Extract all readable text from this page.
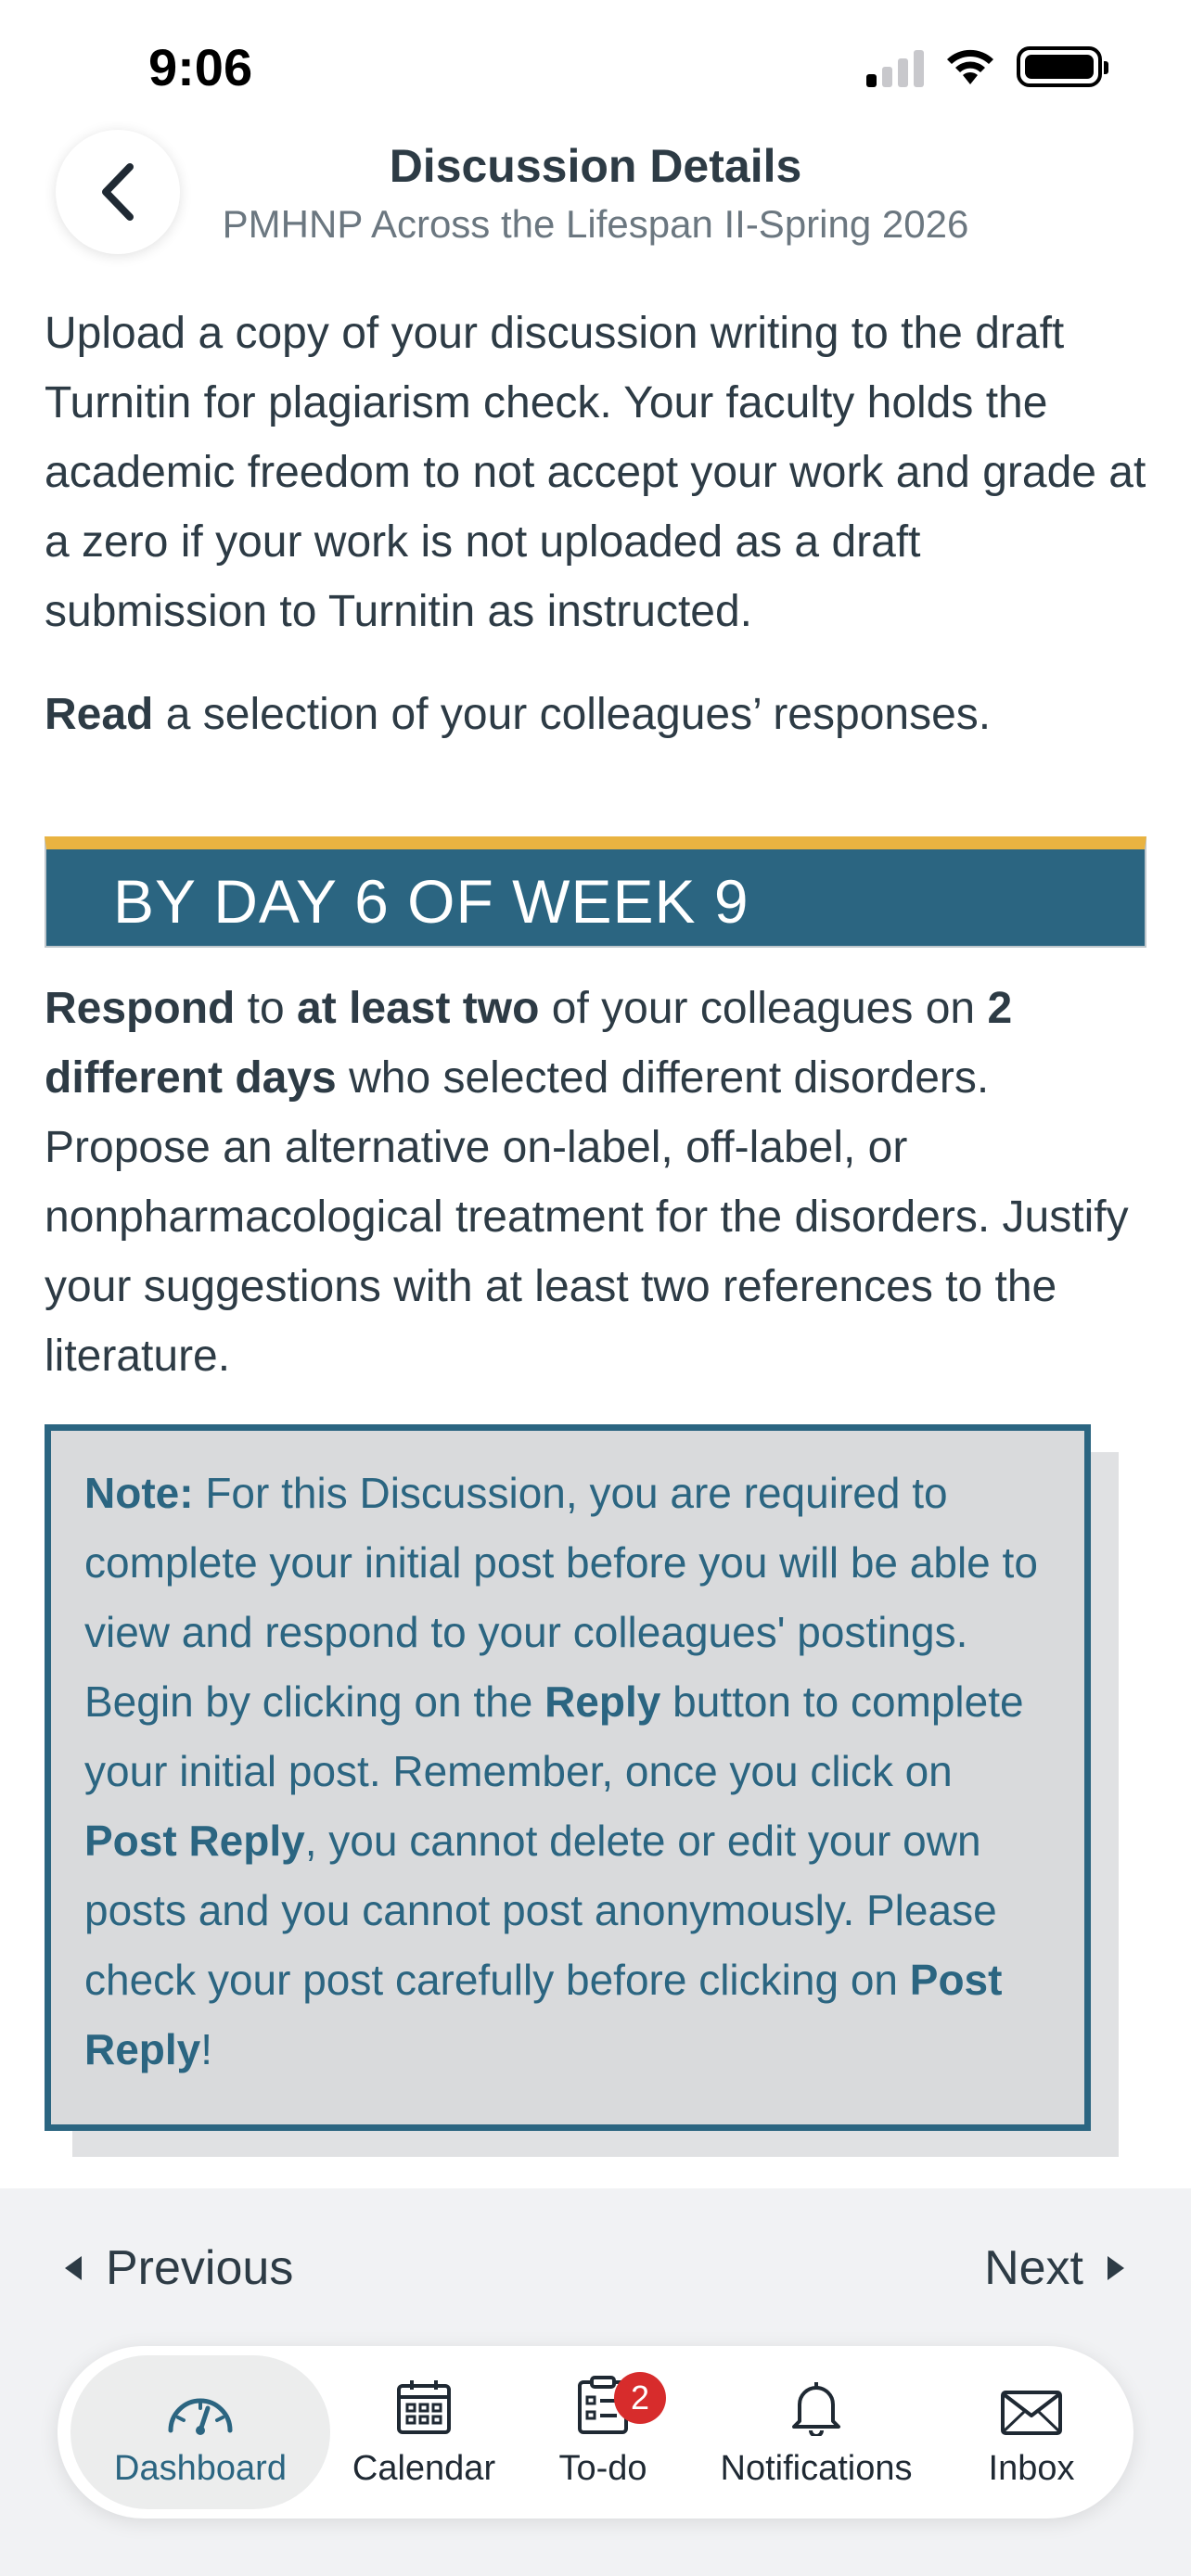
9:06
Discussion Details
PMHNP Across the Lifespan II-Spring 2026

Upload a copy of your discussion writing to the draft Turnitin for plagiarism check. Your faculty holds the academic freedom to not accept your work and grade at a zero if your work is not uploaded as a draft submission to Turnitin as instructed.

Read a selection of your colleagues’ responses.

BY DAY 6 OF WEEK 9

Respond to at least two of your colleagues on 2 different days who selected different disorders. Propose an alternative on-label, off-label, or nonpharmacological treatment for the disorders. Justify your suggestions with at least two references to the literature.

Note: For this Discussion, you are required to complete your initial post before you will be able to view and respond to your colleagues' postings. Begin by clicking on the Reply button to complete your initial post. Remember, once you click on Post Reply, you cannot delete or edit your own posts and you cannot post anonymously. Please check your post carefully before clicking on Post Reply!
Previous	Next
Dashboard Calendar To-do
2
Notifications Inbox
